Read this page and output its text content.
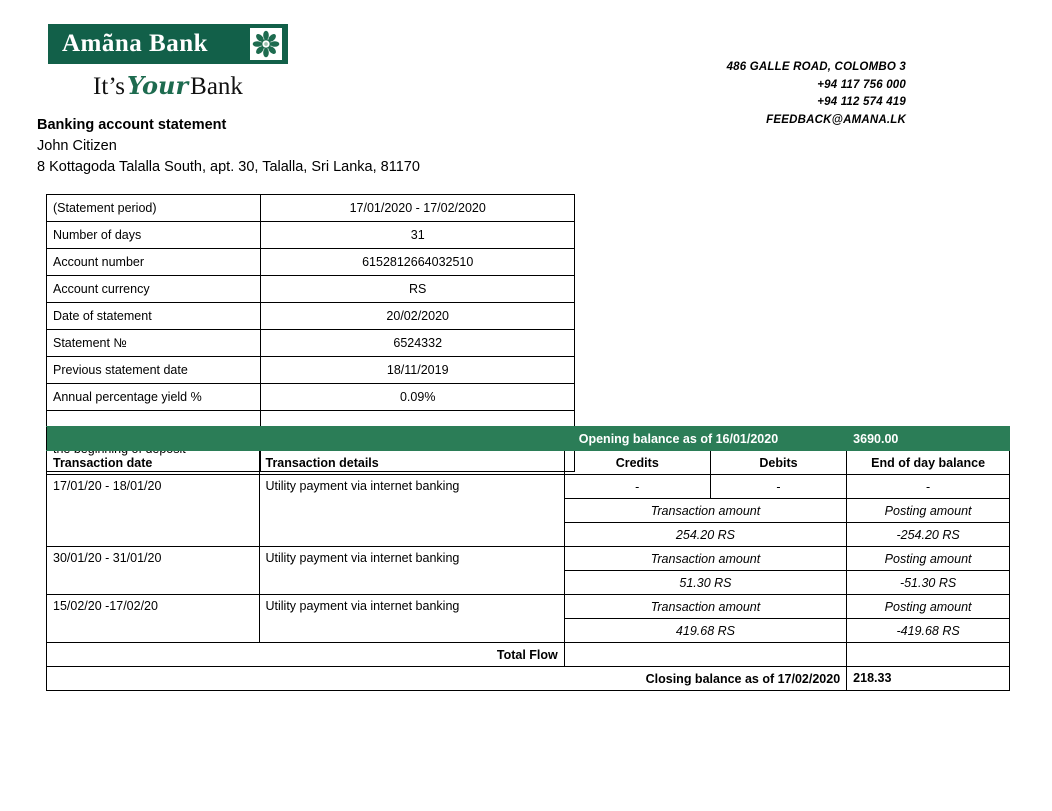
Amãna Bank
It’sYourBank
486 GALLE ROAD, COLOMBO 3
+94 117 756 000
+94 112 574 419
FEEDBACK@AMANA.LK
Banking account statement
John Citizen
8 Kottagoda Talalla South, apt. 30, Talalla, Sri Lanka, 81170
(Statement period)	17/01/2020 - 17/02/2020
Number of days	31
Account number	6152812664032510
Account currency	RS
Date of statement	20/02/2020
Statement №	6524332
Previous statement date	18/11/2019
Annual percentage yield %	0.09%

		Opening balance as of 16/01/2020		3690.00
Transaction date	Transaction details	Credits	Debits	End of day balance
17/01/20 - 18/01/20	Utility payment via internet banking	-	-	-
		Transaction amount		Posting amount
		254.20 RS		-254.20 RS
30/01/20 - 31/01/20	Utility payment via internet banking	Transaction amount		Posting amount
		51.30 RS		-51.30 RS
15/02/20 -17/02/20	Utility payment via internet banking	Transaction amount		Posting amount
		419.68 RS		-419.68 RS
Total Flow				
Closing balance as of 17/02/2020				218.33
